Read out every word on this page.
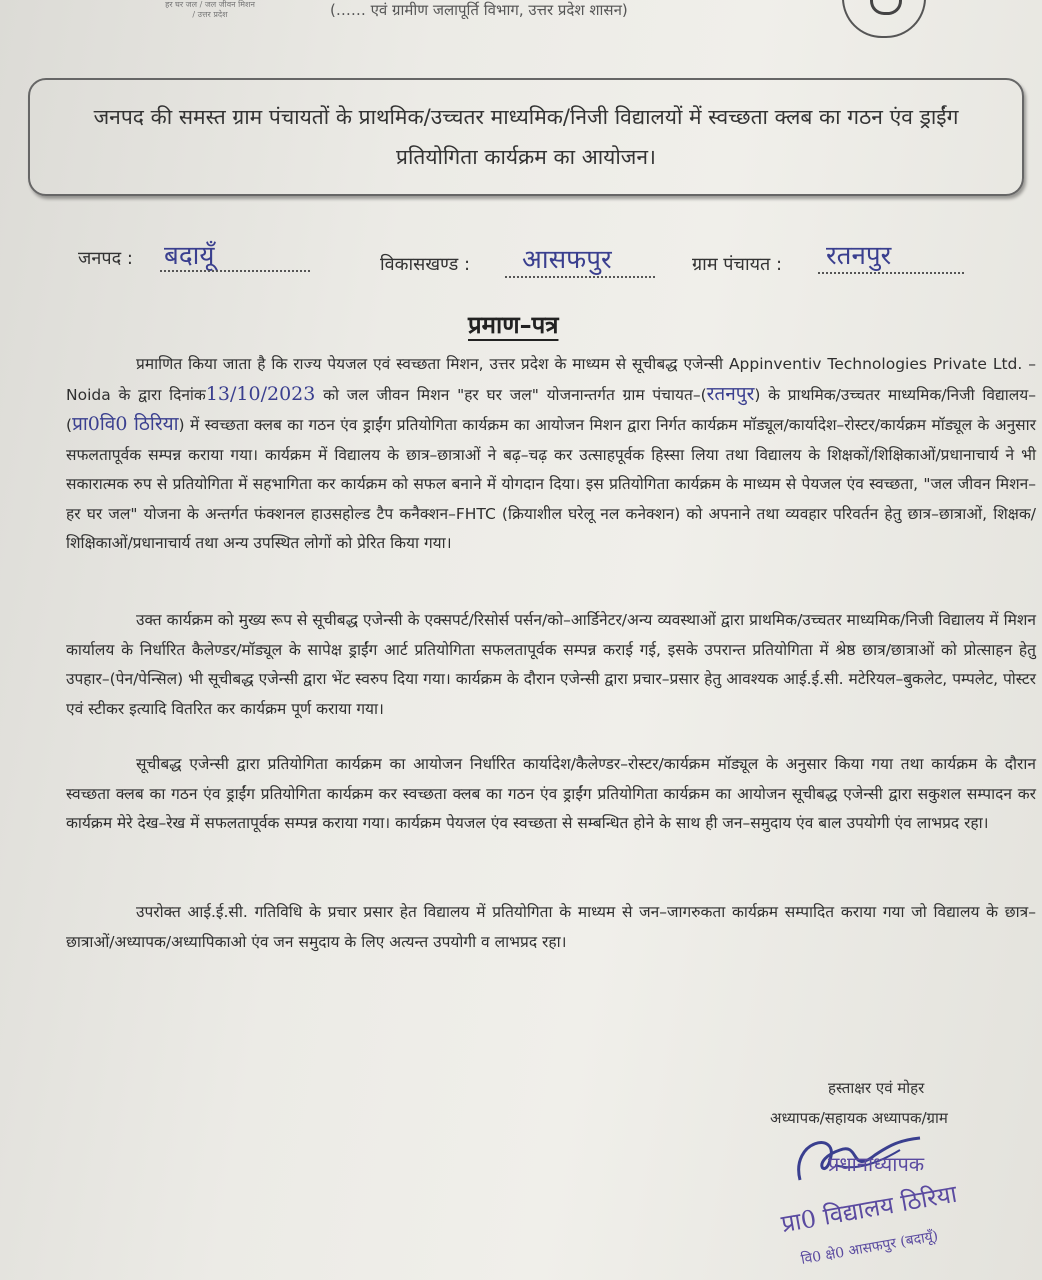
हर घर जल / जल जीवन मिशन / उत्तर प्रदेश	(…… एवं ग्रामीण जलापूर्ति विभाग, उत्तर प्रदेश शासन)
जनपद की समस्त ग्राम पंचायतों के प्राथमिक/उच्चतर माध्यमिक/निजी विद्यालयों में स्वच्छता क्लब का गठन एंव ड्राईंग प्रतियोगिता कार्यक्रम का आयोजन।
जनपद : बदायूँ	विकासखण्ड : आसफपुर	ग्राम पंचायत : रतनपुर
प्रमाण–पत्र

प्रमाणित किया जाता है कि राज्य पेयजल एवं स्वच्छता मिशन, उत्तर प्रदेश के माध्यम से सूचीबद्ध एजेन्सी Appinventiv Technologies Private Ltd. – Noida के द्वारा दिनांक13/10/2023 को जल जीवन मिशन "हर घर जल" योजनान्तर्गत ग्राम पंचायत–(रतनपुर) के प्राथमिक/उच्चतर माध्यमिक/निजी विद्यालय–(प्रा0वि0 ठिरिया) में स्वच्छता क्लब का गठन एंव ड्राईंग प्रतियोगिता कार्यक्रम का आयोजन मिशन द्वारा निर्गत कार्यक्रम मॉड्यूल/कार्यादेश–रोस्टर/कार्यक्रम मॉड्यूल के अनुसार सफलतापूर्वक सम्पन्न कराया गया। कार्यक्रम में विद्यालय के छात्र–छात्राओं ने बढ़–चढ़ कर उत्साहपूर्वक हिस्सा लिया तथा विद्यालय के शिक्षकों/शिक्षिकाओं/प्रधानाचार्य ने भी सकारात्मक रुप से प्रतियोगिता में सहभागिता कर कार्यक्रम को सफल बनाने में योगदान दिया। इस प्रतियोगिता कार्यक्रम के माध्यम से पेयजल एंव स्वच्छता, "जल जीवन मिशन–हर घर जल" योजना के अन्तर्गत फंक्शनल हाउसहोल्ड टैप कनैक्शन–FHTC (क्रियाशील घरेलू नल कनेक्शन) को अपनाने तथा व्यवहार परिवर्तन हेतु छात्र–छात्राओं, शिक्षक/शिक्षिकाओं/प्रधानाचार्य तथा अन्य उपस्थित लोगों को प्रेरित किया गया।

उक्त कार्यक्रम को मुख्य रूप से सूचीबद्ध एजेन्सी के एक्सपर्ट/रिसोर्स पर्सन/को–आर्डिनेटर/अन्य व्यवस्थाओं द्वारा प्राथमिक/उच्चतर माध्यमिक/निजी विद्यालय में मिशन कार्यालय के निर्धारित कैलेण्डर/मॉड्यूल के सापेक्ष ड्राईंग आर्ट प्रतियोगिता सफलतापूर्वक सम्पन्न कराई गई, इसके उपरान्त प्रतियोगिता में श्रेष्ठ छात्र/छात्राओं को प्रोत्साहन हेतु उपहार–(पेन/पेन्सिल) भी सूचीबद्ध एजेन्सी द्वारा भेंट स्वरुप दिया गया। कार्यक्रम के दौरान एजेन्सी द्वारा प्रचार–प्रसार हेतु आवश्यक आई.ई.सी. मटेरियल–बुकलेट, पम्पलेट, पोस्टर एवं स्टीकर इत्यादि वितरित कर कार्यक्रम पूर्ण कराया गया।

सूचीबद्ध एजेन्सी द्वारा प्रतियोगिता कार्यक्रम का आयोजन निर्धारित कार्यादेश/कैलेण्डर–रोस्टर/कार्यक्रम मॉड्यूल के अनुसार किया गया तथा कार्यक्रम के दौरान स्वच्छता क्लब का गठन एंव ड्राईंग प्रतियोगिता कार्यक्रम कर स्वच्छता क्लब का गठन एंव ड्राईंग प्रतियोगिता कार्यक्रम का आयोजन सूचीबद्ध एजेन्सी द्वारा सकुशल सम्पादन कर कार्यक्रम मेरे देख–रेख में सफलतापूर्वक सम्पन्न कराया गया। कार्यक्रम पेयजल एंव स्वच्छता से सम्बन्धित होने के साथ ही जन–समुदाय एंव बाल उपयोगी एंव लाभप्रद रहा।

उपरोक्त आई.ई.सी. गतिविधि के प्रचार प्रसार हेत विद्यालय में प्रतियोगिता के माध्यम से जन–जागरुकता कार्यक्रम सम्पादित कराया गया जो विद्यालय के छात्र–छात्राओं/अध्यापक/अध्यापिकाओ एंव जन समुदाय के लिए अत्यन्त उपयोगी व लाभप्रद रहा।

हस्ताक्षर एवं मोहर
अध्यापक/सहायक अध्यापक/ग्राम
प्रधानाध्यापक
प्रा0 विद्यालय ठिरिया
वि0 क्षे0 आसफपुर (बदायूँ)
